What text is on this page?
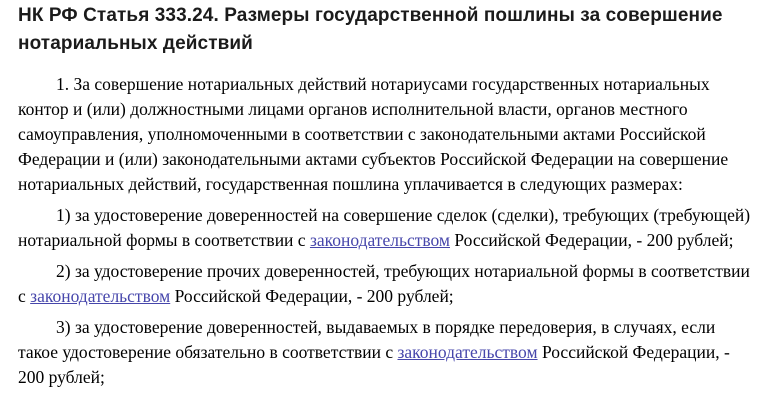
НК РФ Статья 333.24. Размеры государственной пошлины за совершение нотариальных действий

1. За совершение нотариальных действий нотариусами государственных нотариальных контор и (или) должностными лицами органов исполнительной власти, органов местного самоуправления, уполномоченными в соответствии с законодательными актами Российской Федерации и (или) законодательными актами субъектов Российской Федерации на совершение нотариальных действий, государственная пошлина уплачивается в следующих размерах:

1) за удостоверение доверенностей на совершение сделок (сделки), требующих (требующей) нотариальной формы в соответствии с законодательством Российской Федерации, - 200 рублей;

2) за удостоверение прочих доверенностей, требующих нотариальной формы в соответствии с законодательством Российской Федерации, - 200 рублей;

3) за удостоверение доверенностей, выдаваемых в порядке передоверия, в случаях, если такое удостоверение обязательно в соответствии с законодательством Российской Федерации, - 200 рублей;
